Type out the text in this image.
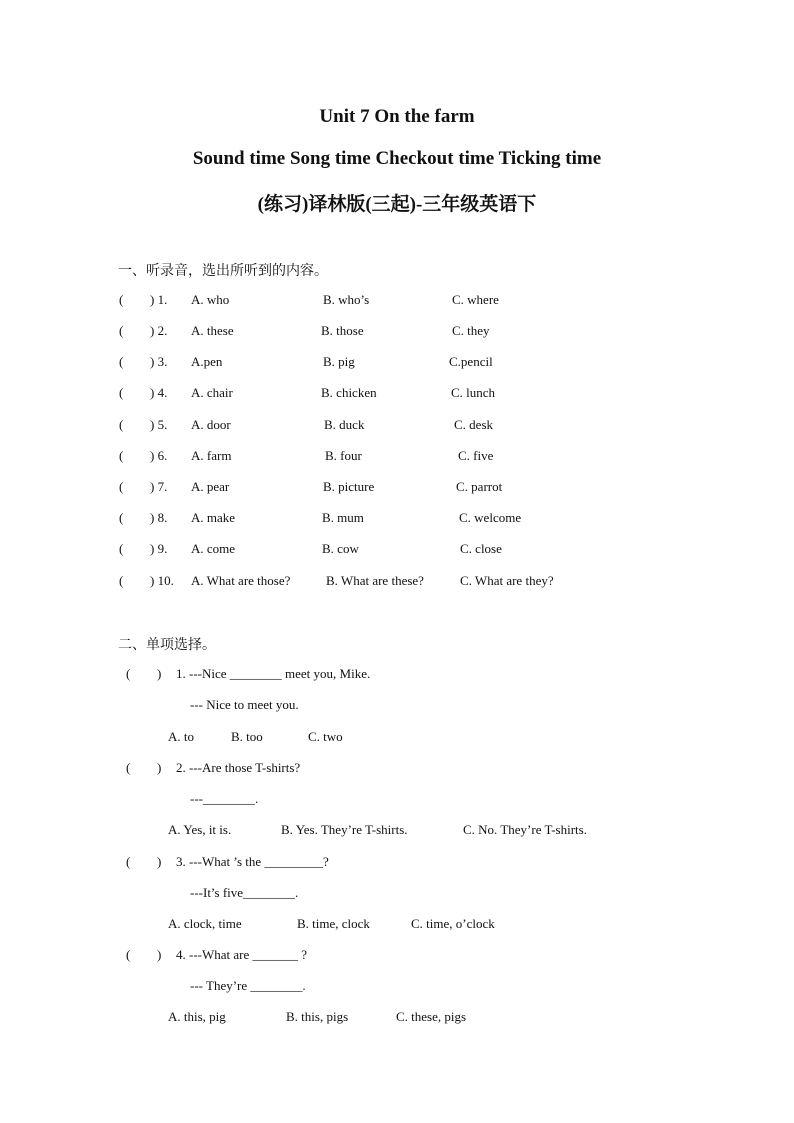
Unit 7 On the farm
Sound time Song time Checkout time Ticking time
(练习)译林版(三起)-三年级英语下
一、听录音，选出所听到的内容。
( ) 1. A. who	B. who’s	C. where
( ) 2. A. these	B. those	C. they
( ) 3. A.pen	B. pig	C.pencil
( ) 4. A. chair	B. chicken	C. lunch
( ) 5. A. door	B. duck	C. desk
( ) 6. A. farm	B. four	C. five
( ) 7. A. pear	B. picture	C. parrot
( ) 8. A. make	B. mum	C. welcome
( ) 9. A. come	B. cow	C. close
( ) 10. A. What are those?	B. What are these?	C. What are they?
二、单项选择。
( ) 1. ---Nice ________ meet you, Mike.
--- Nice to meet you.
A. to	B. too	C. two
( ) 2. ---Are those T-shirts?
---________.
A. Yes, it is.	B. Yes. They’re T-shirts.	C. No. They’re T-shirts.
( ) 3. ---What ’s the _________?
---It’s five________.
A. clock, time	B. time, clock	C. time, o’clock
( ) 4. ---What are _______ ?
--- They’re ________.
A. this, pig	B. this, pigs	C. these, pigs
